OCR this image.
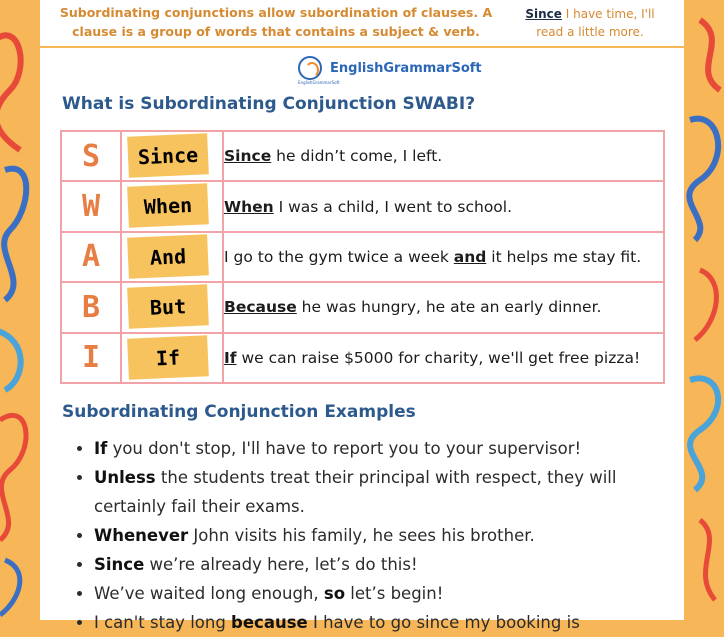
Subordinating conjunctions allow subordination of clauses. A clause is a group of words that contains a subject & verb.
Since I have time, I'll read a little more.
EnglishGrammarSoft
EnglishGrammarSoft
What is Subordinating Conjunction SWABI?
S	Since	Since he didn’t come, I left.
W	When	When I was a child, I went to school.
A	And	I go to the gym twice a week and it helps me stay fit.
B	But	Because he was hungry, he ate an early dinner.
I	If	If we can raise $5000 for charity, we'll get free pizza!
Subordinating Conjunction Examples
• If you don't stop, I'll have to report you to your supervisor!
• Unless the students treat their principal with respect, they will certainly fail their exams.
• Whenever John visits his family, he sees his brother.
• Since we’re already here, let’s do this!
• We’ve waited long enough, so let’s begin!
• I can't stay long because I have to go since my booking is
